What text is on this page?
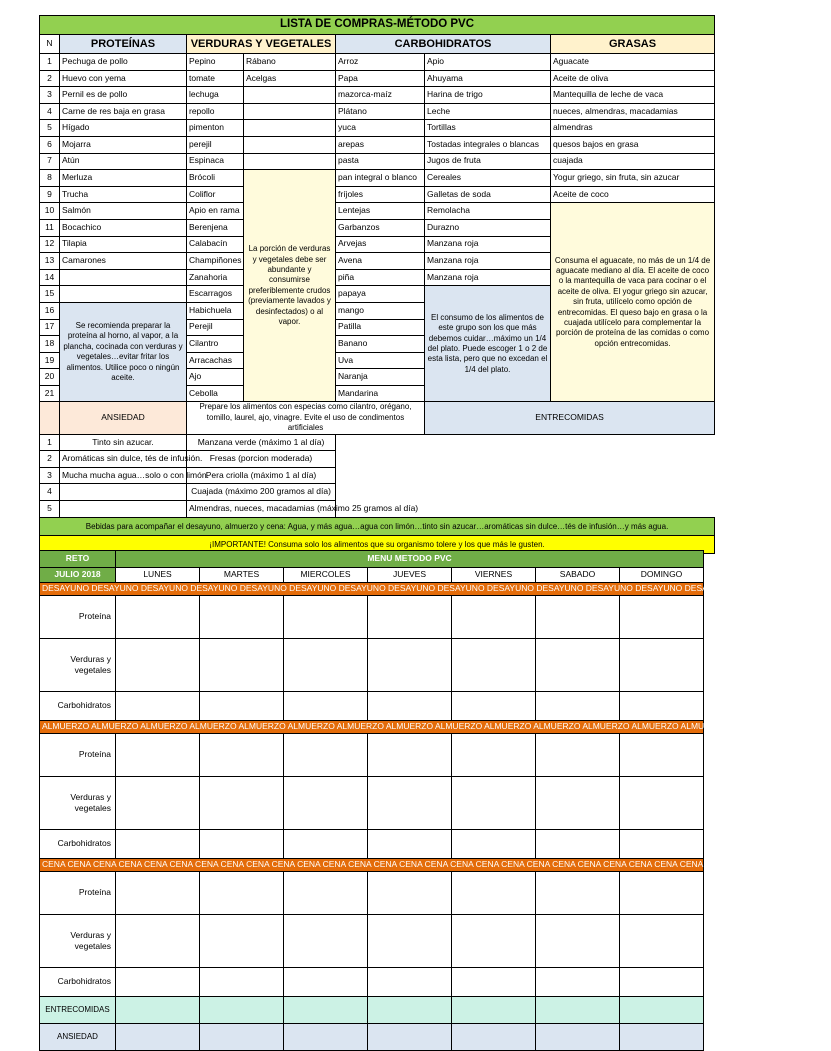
LISTA DE COMPRAS-MÉTODO PVC						
N	PROTEÍNAS	VERDURAS Y VEGETALES		CARBOHIDRATOS		GRASAS
1	Pechuga de pollo	Pepino	Rábano	Arroz	Apio	Aguacate
2	Huevo con yema	tomate	Acelgas	Papa	Ahuyama	Aceite de oliva
3	Pernil es de pollo	lechuga		mazorca-maíz	Harina de trigo	Mantequilla de leche de vaca
4	Carne de res baja en grasa	repollo		Plátano	Leche	nueces, almendras, macadamias
5	Hígado	pimenton		yuca	Tortillas	almendras
6	Mojarra	perejil		arepas	Tostadas integrales o blancas	quesos bajos en grasa
7	Atún	Espinaca		pasta	Jugos de fruta	cuajada
8	Merluza	Brócoli	La porción de verduras y vegetales debe ser abundante y consumirse preferiblemente crudos (previamente lavados y desinfectados) o al vapor.	pan integral o blanco	Cereales	Yogur griego, sin fruta, sin azucar
9	Trucha	Coliflor		fríjoles	Galletas de soda	Aceite de coco
10	Salmón	Apio en rama		Lentejas	Remolacha	Consuma el aguacate, no más de un 1/4 de aguacate mediano al día. El aceite de coco o la mantequilla de vaca para cocinar o el aceite de oliva. El yogur griego sin azucar, sin fruta, utilícelo como opción de entrecomidas. El queso bajo en grasa o la cuajada utilícelo para complementar la porción de proteína de las comidas o como opción entrecomidas.
11	Bocachico	Berenjena		Garbanzos	Durazno	
12	Tilapia	Calabacín		Arvejas	Manzana roja	
13	Camarones	Champiñones		Avena	Manzana roja	
14		Zanahoria		piña	Manzana roja	
15		Escarragos		papaya	El consumo de los alimentos de este grupo son los que más debemos cuidar…máximo un 1/4 del plato. Puede escoger 1 o 2 de esta lista, pero que no excedan el 1/4 del plato.	
16	Se recomienda preparar la proteína al horno, al vapor, a la plancha, cocinada con verduras y vegetales…evitar fritar los alimentos. Utilice poco o ningún aceite.	Habichuela		mango		
17		Perejil		Patilla		
18		Cilantro		Banano		
19		Arracachas		Uva		
20		Ajo		Naranja		
21		Cebolla		Mandarina		
	ANSIEDAD	Prepare los alimentos con especias como cilantro, orégano, tomillo, laurel, ajo, vinagre. Evite el uso de condimentos artificiales			ENTRECOMIDAS	
1	Tinto sin azucar.	Manzana verde (máximo 1 al día)				
2	Aromáticas sin dulce, tés de infusión.	Fresas (porcion moderada)				
3	Mucha mucha agua…solo o con limón.	Pera criolla (máximo 1 al día)				
4		Cuajada (máximo 200 gramos al día)				
5		Almendras, nueces, macadamias (máximo 25 gramos al día)				
Bebidas para acompañar el desayuno, almuerzo y cena: Agua, y más agua…agua con limón…tinto sin azucar…aromáticas sin dulce…tés de infusión…y más agua.						
¡IMPORTANTE! Consuma solo los alimentos que su organismo tolere y los que más le gusten.						
RETO	MENU METODO PVC						
JULIO 2018	LUNES	MARTES	MIERCOLES	JUEVES	VIERNES	SABADO	DOMINGO
DESAYUNO DESAYUNO DESAYUNO DESAYUNO DESAYUNO DESAYUNO DESAYUNO DESAYUNO DESAYUNO DESAYUNO DESAYUNO DESAYUNO DESAYUNO DESAYUNO DESAYUNO DESAYUNO							
Proteína							
Verduras y vegetales							
Carbohidratos							
ALMUERZO ALMUERZO ALMUERZO ALMUERZO ALMUERZO ALMUERZO ALMUERZO ALMUERZO ALMUERZO ALMUERZO ALMUERZO ALMUERZO ALMUERZO ALMUERZO							
Proteína							
Verduras y vegetales							
Carbohidratos							
CENA CENA CENA CENA CENA CENA CENA CENA CENA CENA CENA CENA CENA CENA CENA CENA CENA CENA CENA CENA CENA CENA CENA CENA CENA CENA							
Proteína							
Verduras y vegetales							
Carbohidratos							
ENTRECOMIDAS							
ANSIEDAD							
